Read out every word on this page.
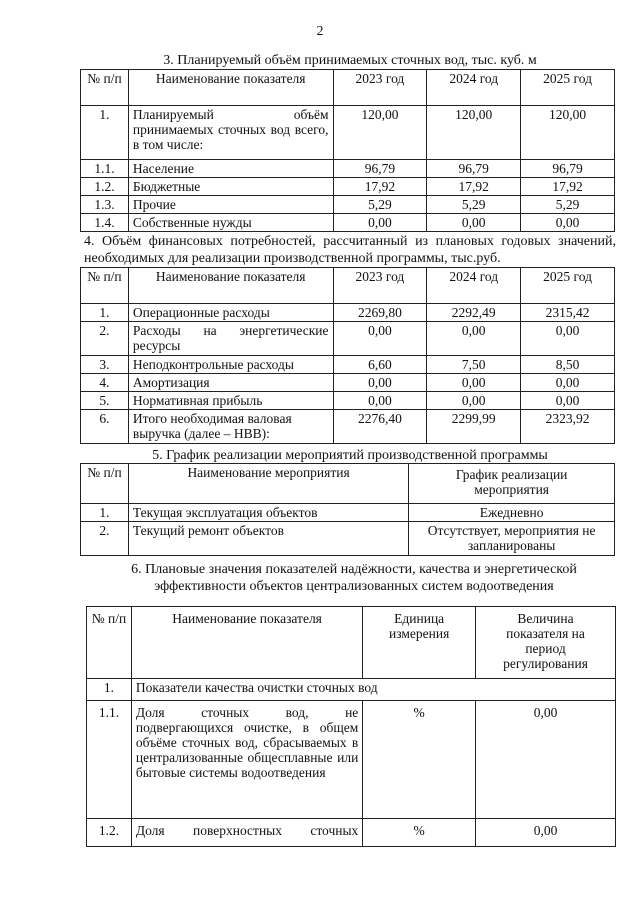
2
3. Планируемый объём принимаемых сточных вод, тыс. куб. м
№ п/п	Наименование показателя	2023 год	2024 год	2025 год
1.	Планируемый объём принимаемых сточных вод всего, в том числе:	120,00	120,00	120,00
1.1.	Население	96,79	96,79	96,79
1.2.	Бюджетные	17,92	17,92	17,92
1.3.	Прочие	5,29	5,29	5,29
1.4.	Собственные нужды	0,00	0,00	0,00
4. Объём финансовых потребностей, рассчитанный из плановых годовых значений, необходимых для реализации производственной программы, тыс.руб.
№ п/п	Наименование показателя	2023 год	2024 год	2025 год
1.	Операционные расходы	2269,80	2292,49	2315,42
2.	Расходы на энергетические ресурсы	0,00	0,00	0,00
3.	Неподконтрольные расходы	6,60	7,50	8,50
4.	Амортизация	0,00	0,00	0,00
5.	Нормативная прибыль	0,00	0,00	0,00
6.	Итого необходимая валовая выручка (далее – НВВ):	2276,40	2299,99	2323,92
5. График реализации мероприятий производственной программы
№ п/п	Наименование мероприятия	График реализации мероприятия
1.	Текущая эксплуатация объектов	Ежедневно
2.	Текущий ремонт объектов	Отсутствует, мероприятия не запланированы
6. Плановые значения показателей надёжности, качества и энергетической эффективности объектов централизованных систем водоотведения
№ п/п	Наименование показателя	Единица измерения	Величина показателя на период регулирования
1.	Показатели качества очистки сточных вод		
1.1.	Доля сточных вод, не подвергающихся очистке, в общем объёме сточных вод, сбрасываемых в централизованные общесплавные или бытовые системы водоотведения	%	0,00
1.2.	Доля поверхностных сточных	%	0,00
